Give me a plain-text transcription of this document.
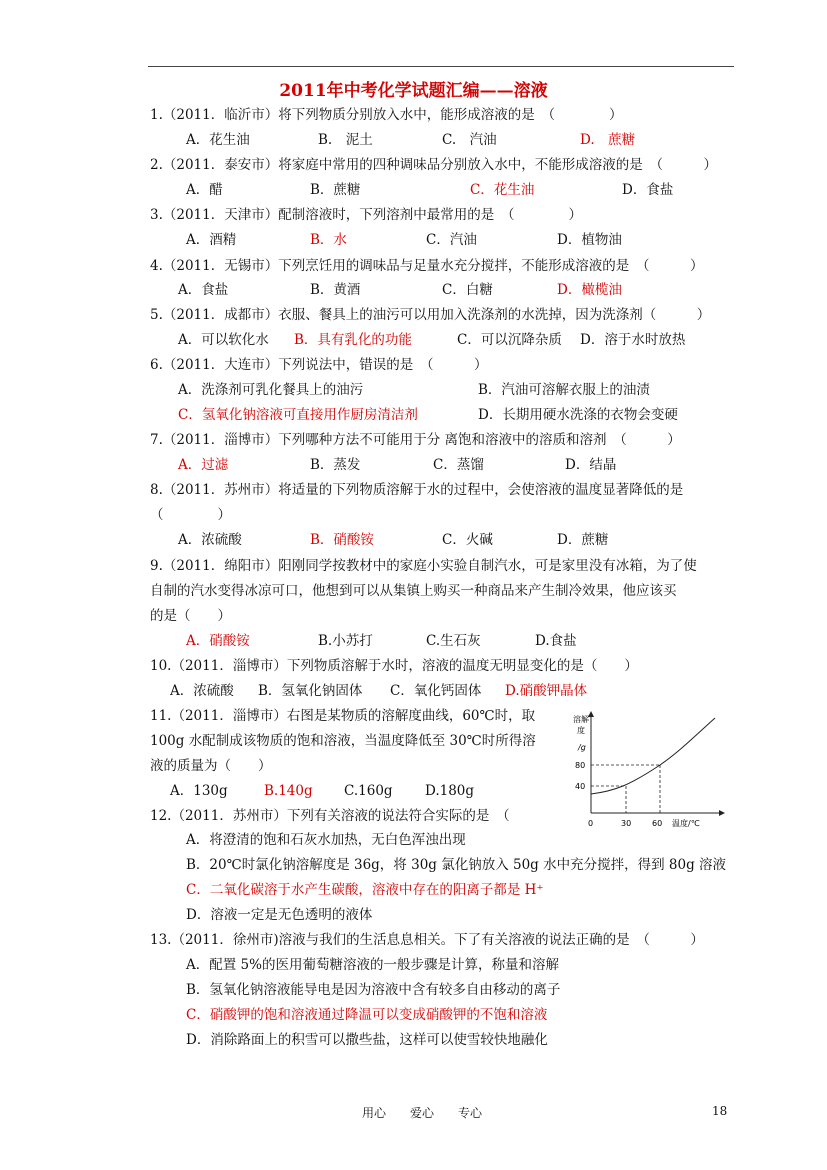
2011年中考化学试题汇编——溶液
1.（2011．临沂市）将下列物质分别放入水中，能形成溶液的是　（　　　　）
A．花生油	B.　泥土	C.　汽油	D.　蔗糖
2.（2011．泰安市）将家庭中常用的四种调味品分别放入水中，不能形成溶液的是　（　　　）
A．醋	B．蔗糖	C．花生油	D．食盐
3.（2011．天津市）配制溶液时，下列溶剂中最常用的是　（　　　　）
A．酒精	B．水	C．汽油	D．植物油
4.（2011．无锡市）下列烹饪用的调味品与足量水充分搅拌，不能形成溶液的是　（　　　）
A．食盐	B．黄酒	C．白糖	D．橄榄油
5.（2011．成都市）衣服、餐具上的油污可以用加入洗涤剂的水洗掉，因为洗涤剂（　　　）
A．可以软化水 B．具有乳化的功能	C．可以沉降杂质 D．溶于水时放热
6.（2011．大连市）下列说法中，错误的是　（　　　）
A．洗涤剂可乳化餐具上的油污	B．汽油可溶解衣服上的油渍
C．氢氧化钠溶液可直接用作厨房清洁剂	D．长期用硬水洗涤的衣物会变硬
7.（2011．淄博市）下列哪种方法不可能用于分 离饱和溶液中的溶质和溶剂　（　　　）
A．过滤	B．蒸发	C．蒸馏	D．结晶
8.（2011．苏州市）将适量的下列物质溶解于水的过程中，会使溶液的温度显著降低的是
（　　　　）
A．浓硫酸	B．硝酸铵	C．火碱	D．蔗糖
9.（2011．绵阳市）阳刚同学按教材中的家庭小实验自制汽水，可是家里没有冰箱，为了使
自制的汽水变得冰凉可口，他想到可以从集镇上购买一种商品来产生制冷效果，他应该买
的是（　　）
A．硝酸铵	B.小苏打	C.生石灰	D.食盐
10.（2011．淄博市）下列物质溶解于水时，溶液的温度无明显变化的是（　　）
A．浓硫酸 B．氢氧化钠固体 C．氧化钙固体 D.硝酸钾晶体
11.（2011．淄博市）右图是某物质的溶解度曲线，60℃时，取
100g 水配制成该物质的饱和溶液，当温度降低至 30℃时所得溶
液的质量为（　　）
A．130g	B.140g C.160g D.180g
溶解
度
/g
温度/℃
0	30	60
80
40
12.（2011．苏州市）下列有关溶液的说法符合实际的是　（
A．将澄清的饱和石灰水加热，无白色浑浊出现
B．20℃时氯化钠溶解度是 36g，将 30g 氯化钠放入 50g 水中充分搅拌，得到 80g 溶液
C．二氧化碳溶于水产生碳酸，溶液中存在的阳离子都是 H⁺
D．溶液一定是无色透明的液体
13.（2011．徐州市)溶液与我们的生活息息相关。下了有关溶液的说法正确的是　（　　　）
A．配置 5%的医用葡萄糖溶液的一般步骤是计算，称量和溶解
B．氢氧化钠溶液能导电是因为溶液中含有较多自由移动的离子
C．硝酸钾的饱和溶液通过降温可以变成硝酸钾的不饱和溶液
D．消除路面上的积雪可以撒些盐，这样可以使雪较快地融化
用心　　爱心　　专心	18
